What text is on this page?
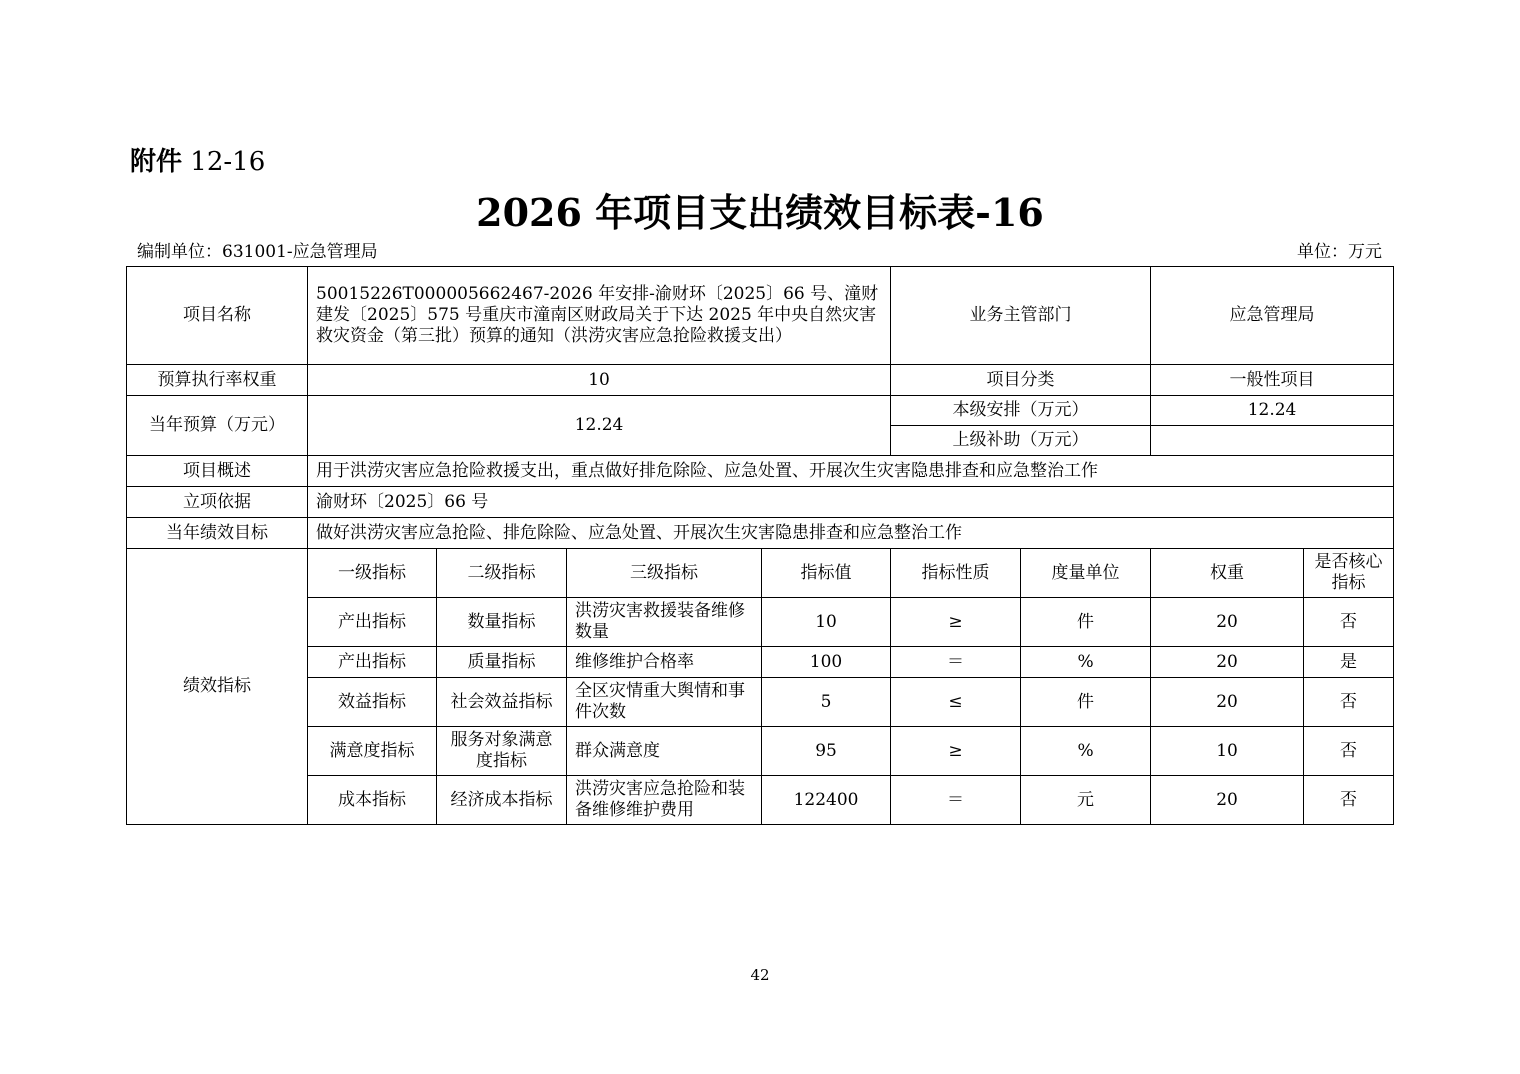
附件 12-16
2026 年项目支出绩效目标表-16
编制单位：631001-应急管理局	单位：万元
项目名称	50015226T000005662467-2026 年安排-渝财环〔2025〕66 号、潼财建发〔2025〕575 号重庆市潼南区财政局关于下达 2025 年中央自然灾害救灾资金（第三批）预算的通知（洪涝灾害应急抢险救援支出）				业务主管部门		应急管理局	
预算执行率权重	10				项目分类		一般性项目	
当年预算（万元）	12.24				本级安排（万元）		12.24	
					上级补助（万元）			
项目概述	用于洪涝灾害应急抢险救援支出，重点做好排危除险、应急处置、开展次生灾害隐患排查和应急整治工作							
立项依据	渝财环〔2025〕66 号							
当年绩效目标	做好洪涝灾害应急抢险、排危除险、应急处置、开展次生灾害隐患排查和应急整治工作							
绩效指标	一级指标	二级指标	三级指标	指标值	指标性质	度量单位	权重	是否核心指标
	产出指标	数量指标	洪涝灾害救援装备维修数量	10	≥	件	20	否
	产出指标	质量指标	维修维护合格率	100	＝	%	20	是
	效益指标	社会效益指标	全区灾情重大舆情和事件次数	5	≤	件	20	否
	满意度指标	服务对象满意度指标	群众满意度	95	≥	%	10	否
	成本指标	经济成本指标	洪涝灾害应急抢险和装备维修维护费用	122400	＝	元	20	否
42
